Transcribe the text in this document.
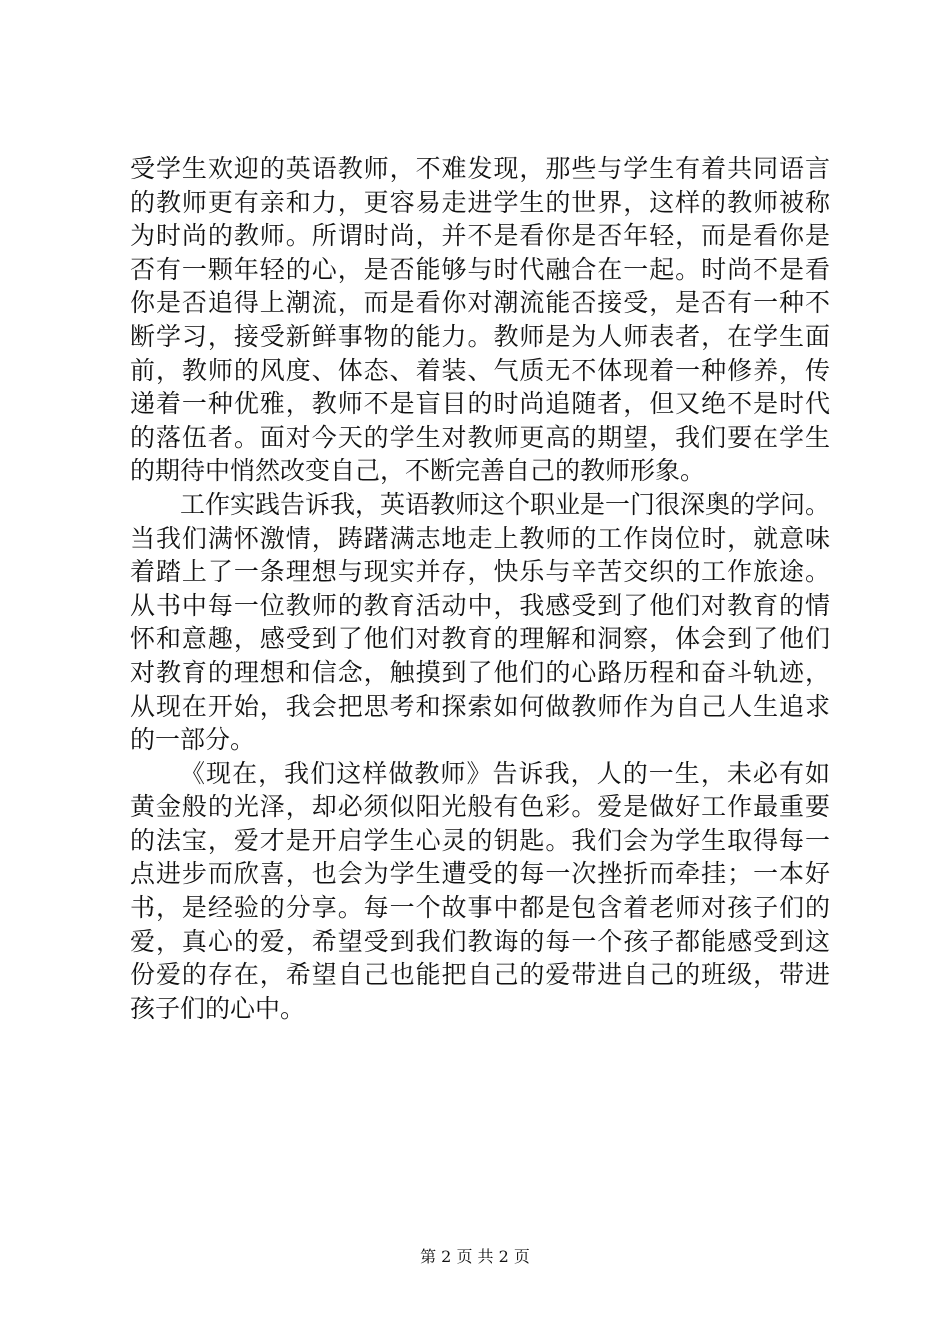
受学生欢迎的英语教师，不难发现，那些与学生有着共同语言
的教师更有亲和力，更容易走进学生的世界，这样的教师被称
为时尚的教师。所谓时尚，并不是看你是否年轻，而是看你是
否有一颗年轻的心，是否能够与时代融合在一起。时尚不是看
你是否追得上潮流，而是看你对潮流能否接受，是否有一种不
断学习，接受新鲜事物的能力。教师是为人师表者，在学生面
前，教师的风度、体态、着装、气质无不体现着一种修养，传
递着一种优雅，教师不是盲目的时尚追随者，但又绝不是时代
的落伍者。面对今天的学生对教师更高的期望，我们要在学生
的期待中悄然改变自己，不断完善自己的教师形象。
工作实践告诉我，英语教师这个职业是一门很深奥的学问。
当我们满怀激情，踌躇满志地走上教师的工作岗位时，就意味
着踏上了一条理想与现实并存，快乐与辛苦交织的工作旅途。
从书中每一位教师的教育活动中，我感受到了他们对教育的情
怀和意趣，感受到了他们对教育的理解和洞察，体会到了他们
对教育的理想和信念，触摸到了他们的心路历程和奋斗轨迹，
从现在开始，我会把思考和探索如何做教师作为自己人生追求
的一部分。
《现在，我们这样做教师》告诉我，人的一生，未必有如
黄金般的光泽，却必须似阳光般有色彩。爱是做好工作最重要
的法宝，爱才是开启学生心灵的钥匙。我们会为学生取得每一
点进步而欣喜，也会为学生遭受的每一次挫折而牵挂；一本好
书，是经验的分享。每一个故事中都是包含着老师对孩子们的
爱，真心的爱，希望受到我们教诲的每一个孩子都能感受到这
份爱的存在，希望自己也能把自己的爱带进自己的班级，带进
孩子们的心中。
第 2 页 共 2 页
